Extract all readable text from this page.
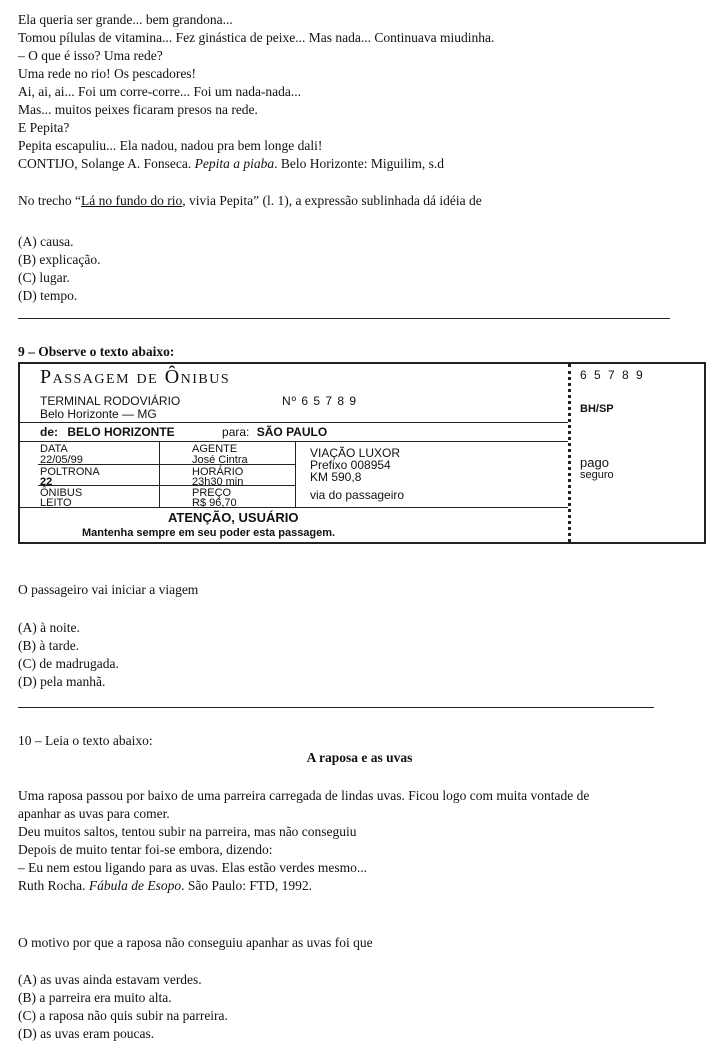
Ela queria ser grande... bem grandona...
Tomou pílulas de vitamina... Fez ginástica de peixe... Mas nada... Continuava miudinha.
– O que é isso? Uma rede?
Uma rede no rio! Os pescadores!
Ai, ai, ai... Foi um corre-corre... Foi um nada-nada...
Mas... muitos peixes ficaram presos na rede.
E Pepita?
Pepita escapuliu... Ela nadou, nadou pra bem longe dali!
CONTIJO, Solange A. Fonseca. Pepita a piaba. Belo Horizonte: Miguilim, s.d
No trecho “Lá no fundo do rio, vivia Pepita” (l. 1), a expressão sublinhada dá idéia de
(A) causa.
(B) explicação.
(C) lugar.
(D) tempo.
9 – Observe o texto abaixo:
Passagem de Ônibus
TERMINAL RODOVIÁRIO	Nº 6 5 7 8 9
Belo Horizonte — MG
de: BELO HORIZONTE	para: SÃO PAULO
DATA
22/05/99
AGENTE
José Cintra
POLTRONA
22
HORÁRIO
23h30 min
ÔNIBUS
LEITO
PREÇO
R$ 96,70
VIAÇÃO LUXOR
Prefixo 008954
KM 590,8
via do passageiro
ATENÇÃO, USUÁRIO
Mantenha sempre em seu poder esta passagem.
6 5 7 8 9
BH/SP
pago
seguro
O passageiro vai iniciar a viagem
(A) à noite.
(B) à tarde.
(C) de madrugada.
(D) pela manhã.
10 – Leia o texto abaixo:
A raposa e as uvas
Uma raposa passou por baixo de uma parreira carregada de lindas uvas. Ficou logo com muita vontade de
apanhar as uvas para comer.
Deu muitos saltos, tentou subir na parreira, mas não conseguiu
Depois de muito tentar foi-se embora, dizendo:
– Eu nem estou ligando para as uvas. Elas estão verdes mesmo...
Ruth Rocha. Fábula de Esopo. São Paulo: FTD, 1992.
O motivo por que a raposa não conseguiu apanhar as uvas foi que
(A) as uvas ainda estavam verdes.
(B) a parreira era muito alta.
(C) a raposa não quis subir na parreira.
(D) as uvas eram poucas.
